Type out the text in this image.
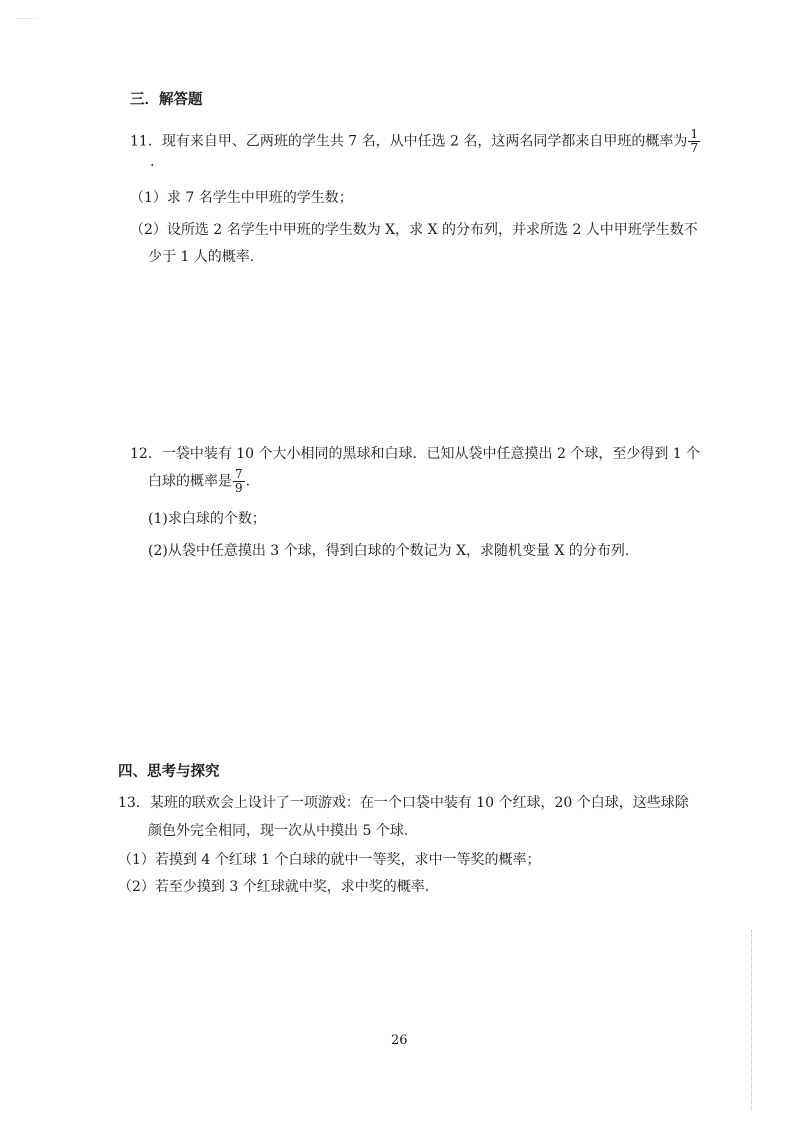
三．解答题
11．现有来自甲、乙两班的学生共 7 名，从中任选 2 名，这两名同学都来自甲班的概率为 $\frac{1}{7}$
.
（1）求 7 名学生中甲班的学生数；
（2）设所选 2 名学生中甲班的学生数为 X，求 X 的分布列，并求所选 2 人中甲班学生数不
少于 1 人的概率.
12．一袋中装有 10 个大小相同的黑球和白球．已知从袋中任意摸出 2 个球，至少得到 1 个
白球的概率是 $\frac{7}{9}$ .
(1)求白球的个数；
(2)从袋中任意摸出 3 个球，得到白球的个数记为 X，求随机变量 X 的分布列.
四、思考与探究
13．某班的联欢会上设计了一项游戏：在一个口袋中装有 10 个红球，20 个白球，这些球除
颜色外完全相同，现一次从中摸出 5 个球.
（1）若摸到 4 个红球 1 个白球的就中一等奖，求中一等奖的概率；
（2）若至少摸到 3 个红球就中奖，求中奖的概率.
26
